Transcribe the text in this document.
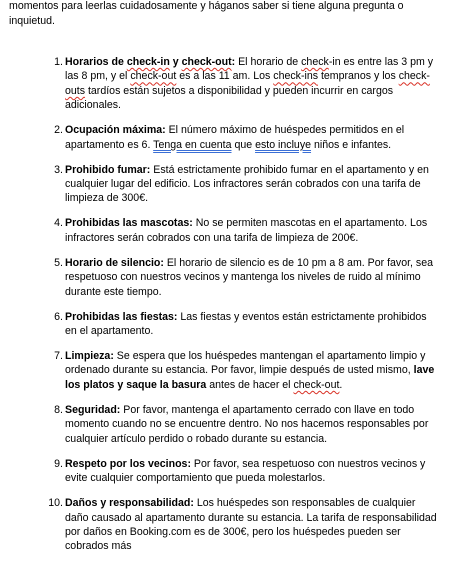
momentos para leerlas cuidadosamente y háganos saber si tiene alguna pregunta o inquietud.
1. Horarios de check-in y check-out: El horario de check-in es entre las 3 pm y las 8 pm, y el check-out es a las 11 am. Los check-ins tempranos y los check-outs tardíos están sujetos a disponibilidad y pueden incurrir en cargos adicionales.
2. Ocupación máxima: El número máximo de huéspedes permitidos en el apartamento es 6. Tenga en cuenta que esto incluye niños e infantes.
3. Prohibido fumar: Está estrictamente prohibido fumar en el apartamento y en cualquier lugar del edificio. Los infractores serán cobrados con una tarifa de limpieza de 300€.
4. Prohibidas las mascotas: No se permiten mascotas en el apartamento. Los infractores serán cobrados con una tarifa de limpieza de 200€.
5. Horario de silencio: El horario de silencio es de 10 pm a 8 am. Por favor, sea respetuoso con nuestros vecinos y mantenga los niveles de ruido al mínimo durante este tiempo.
6. Prohibidas las fiestas: Las fiestas y eventos están estrictamente prohibidos en el apartamento.
7. Limpieza: Se espera que los huéspedes mantengan el apartamento limpio y ordenado durante su estancia. Por favor, limpie después de usted mismo, lave los platos y saque la basura antes de hacer el check-out.
8. Seguridad: Por favor, mantenga el apartamento cerrado con llave en todo momento cuando no se encuentre dentro. No nos hacemos responsables por cualquier artículo perdido o robado durante su estancia.
9. Respeto por los vecinos: Por favor, sea respetuoso con nuestros vecinos y evite cualquier comportamiento que pueda molestarlos.
10. Daños y responsabilidad: Los huéspedes son responsables de cualquier daño causado al apartamento durante su estancia. La tarifa de responsabilidad por daños en Booking.com es de 300€, pero los huéspedes pueden ser cobrados más
